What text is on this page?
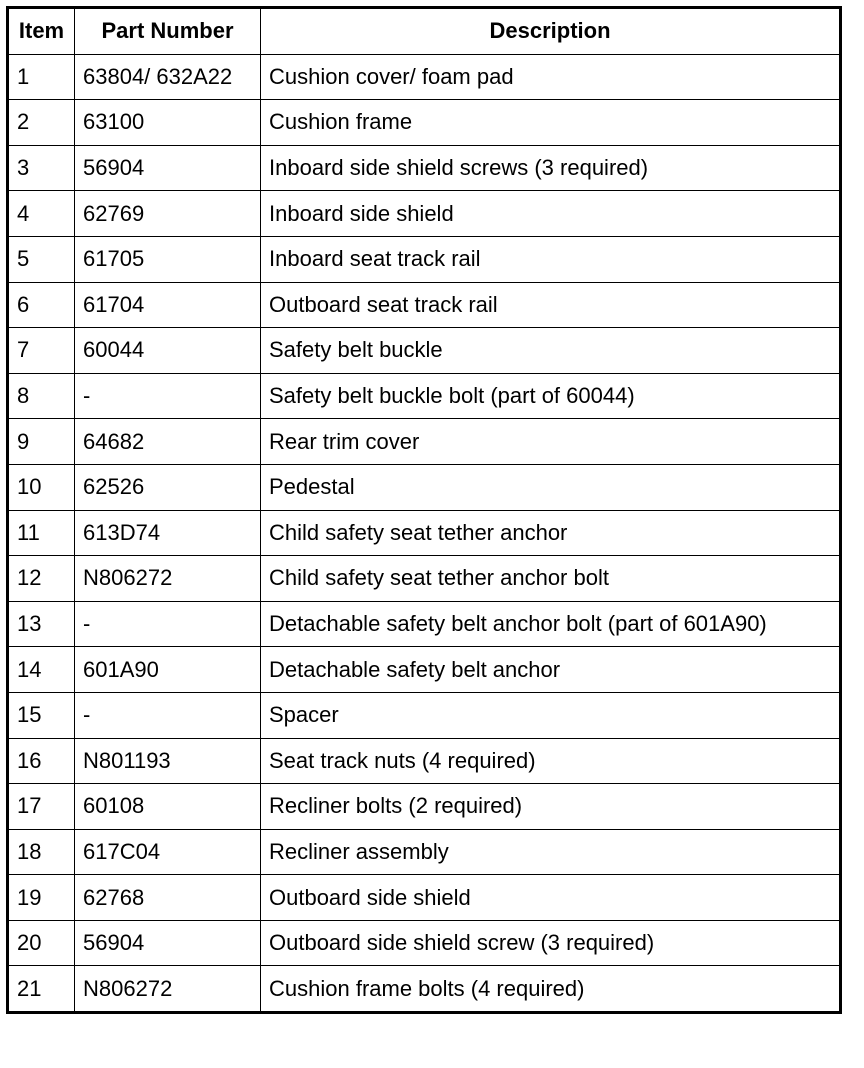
Item	Part Number	Description
1	63804/ 632A22	Cushion cover/ foam pad
2	63100	Cushion frame
3	56904	Inboard side shield screws (3 required)
4	62769	Inboard side shield
5	61705	Inboard seat track rail
6	61704	Outboard seat track rail
7	60044	Safety belt buckle
8	-	Safety belt buckle bolt (part of 60044)
9	64682	Rear trim cover
10	62526	Pedestal
11	613D74	Child safety seat tether anchor
12	N806272	Child safety seat tether anchor bolt
13	-	Detachable safety belt anchor bolt (part of 601A90)
14	601A90	Detachable safety belt anchor
15	-	Spacer
16	N801193	Seat track nuts (4 required)
17	60108	Recliner bolts (2 required)
18	617C04	Recliner assembly
19	62768	Outboard side shield
20	56904	Outboard side shield screw (3 required)
21	N806272	Cushion frame bolts (4 required)
